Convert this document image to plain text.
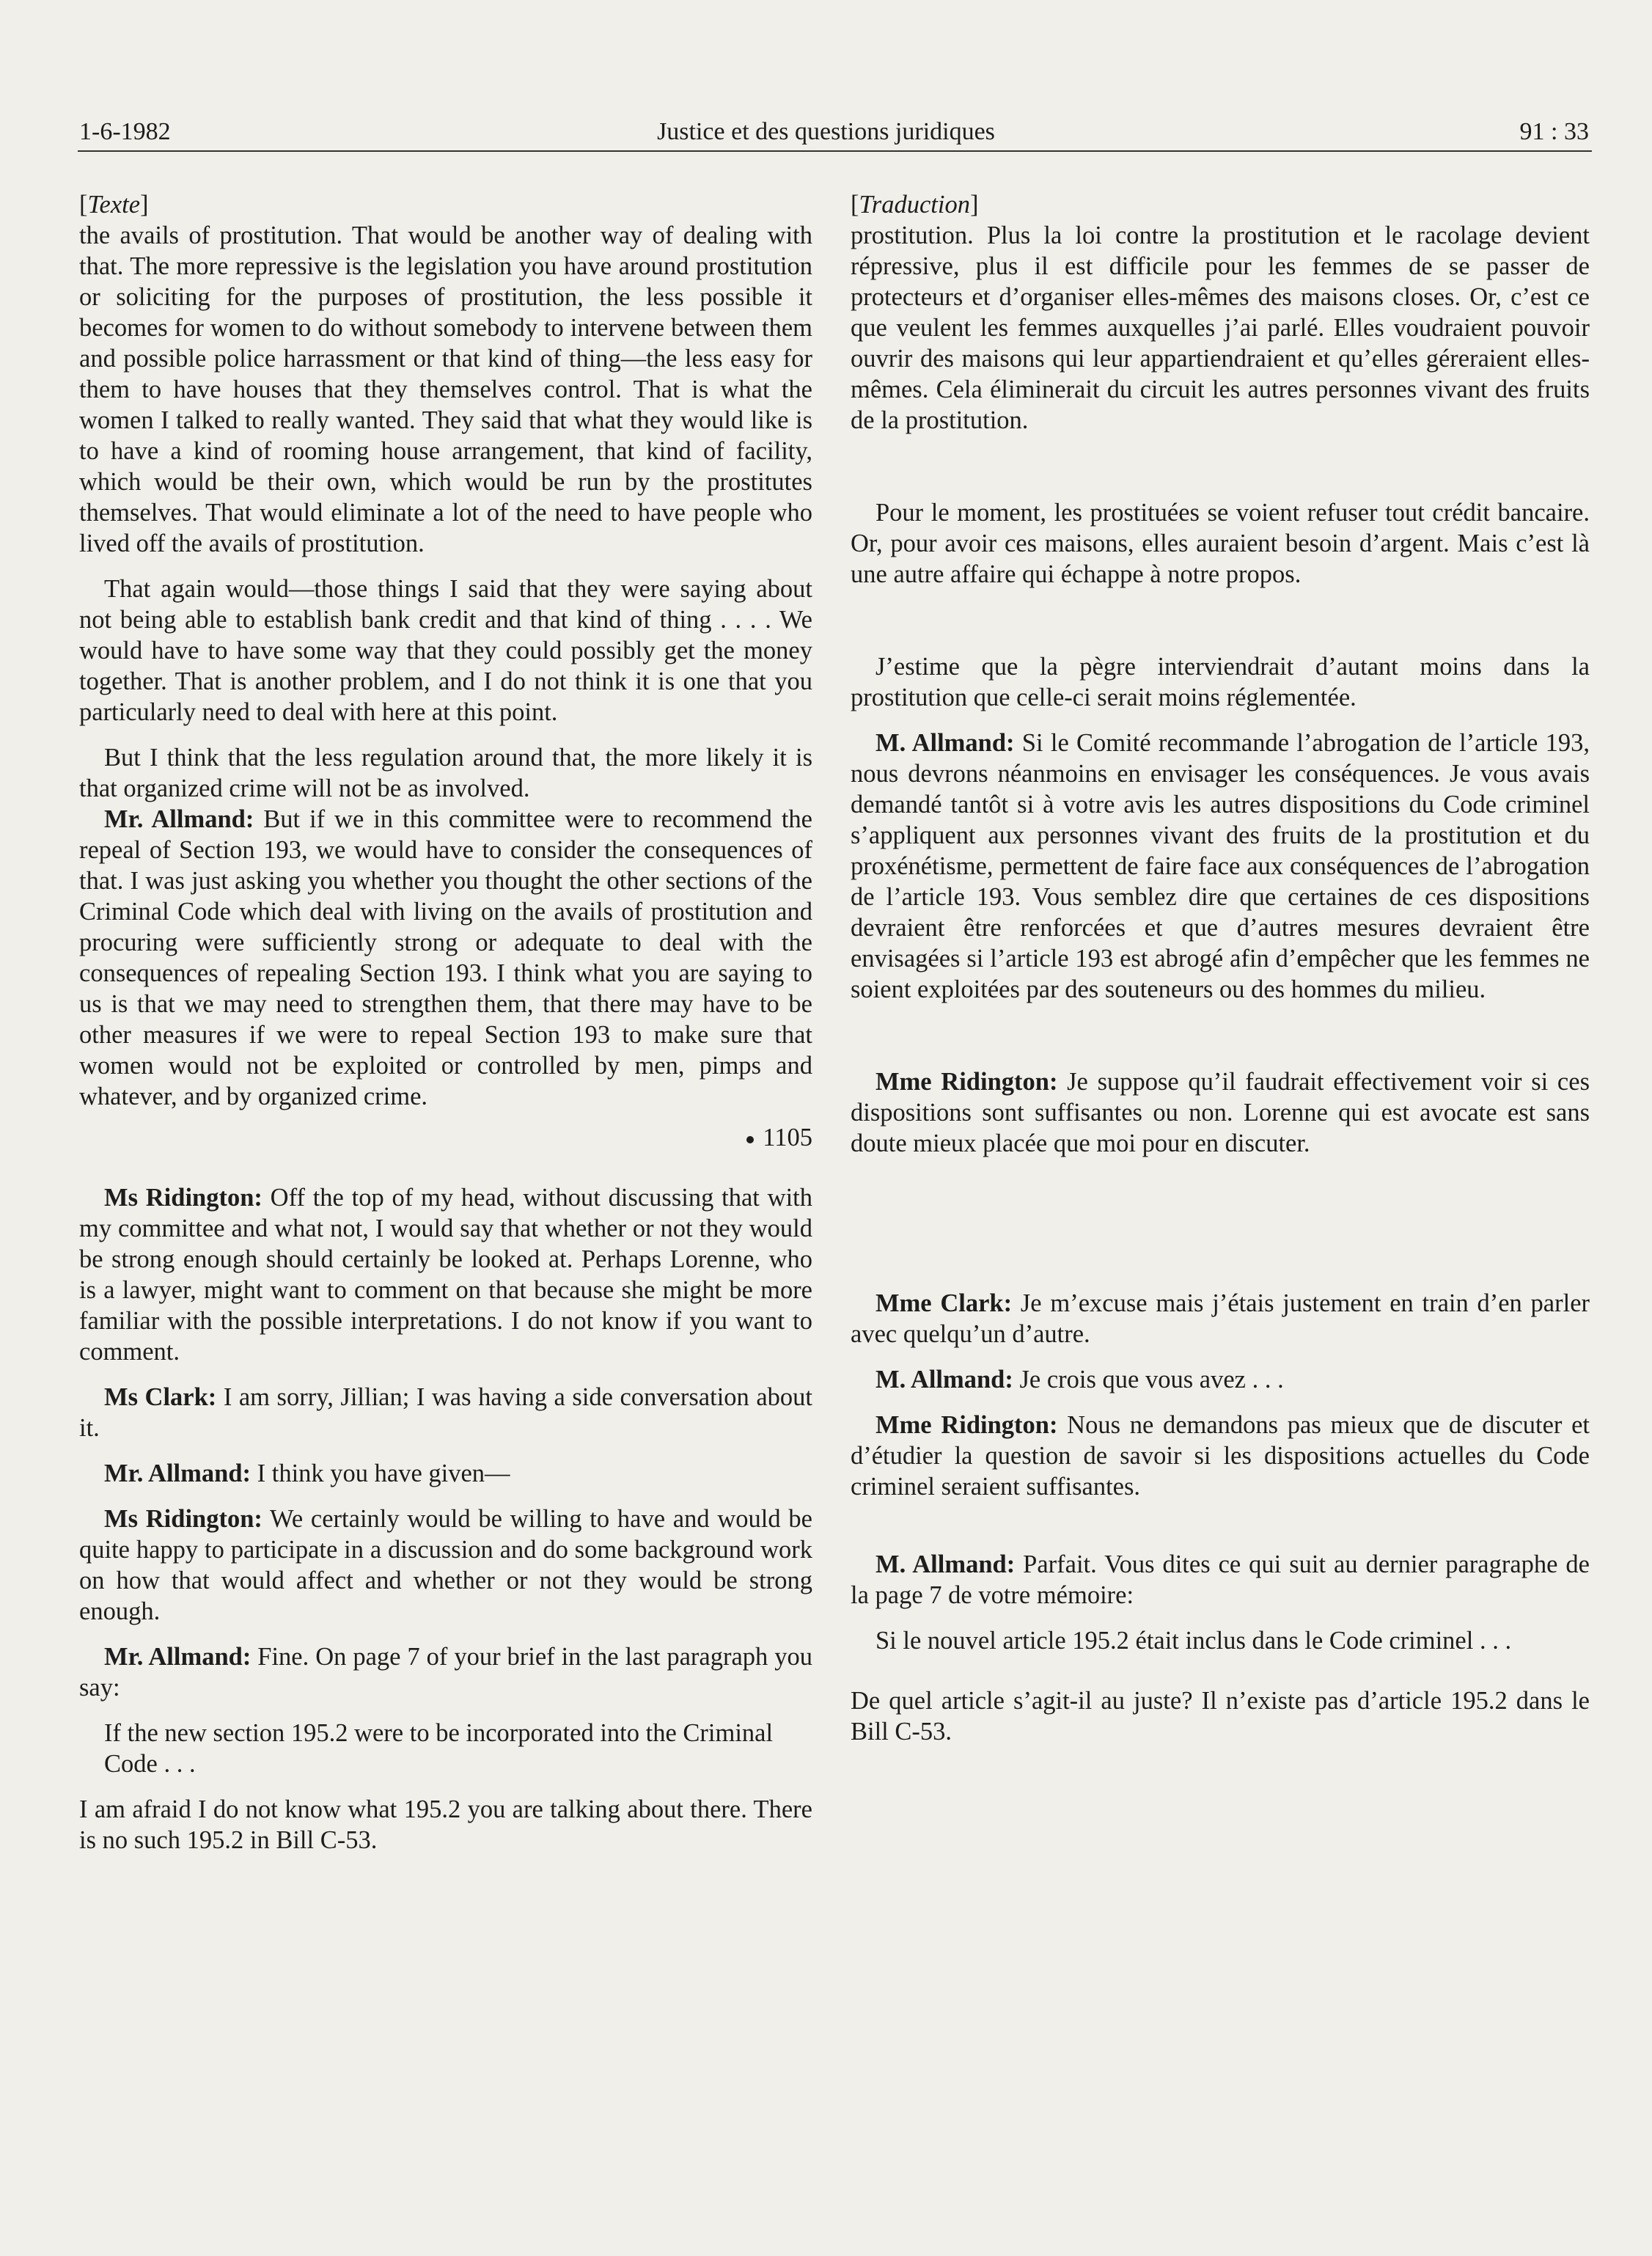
1-6-1982	Justice et des questions juridiques	91 : 33

[Texte]

the avails of prostitution. That would be another way of dealing with that. The more repressive is the legislation you have around prostitution or soliciting for the purposes of prostitution, the less possible it becomes for women to do without somebody to intervene between them and possible police harrassment or that kind of thing—the less easy for them to have houses that they themselves control. That is what the women I talked to really wanted. They said that what they would like is to have a kind of rooming house arrangement, that kind of facility, which would be their own, which would be run by the prostitutes themselves. That would eliminate a lot of the need to have people who lived off the avails of prostitution.

That again would—those things I said that they were saying about not being able to establish bank credit and that kind of thing . . . . We would have to have some way that they could possibly get the money together. That is another problem, and I do not think it is one that you particularly need to deal with here at this point.

But I think that the less regulation around that, the more likely it is that organized crime will not be as involved.

Mr. Allmand: But if we in this committee were to recommend the repeal of Section 193, we would have to consider the consequences of that. I was just asking you whether you thought the other sections of the Criminal Code which deal with living on the avails of prostitution and procuring were sufficiently strong or adequate to deal with the consequences of repealing Section 193. I think what you are saying to us is that we may need to strengthen them, that there may have to be other measures if we were to repeal Section 193 to make sure that women would not be exploited or controlled by men, pimps and whatever, and by organized crime.

1105

Ms Ridington: Off the top of my head, without discussing that with my committee and what not, I would say that whether or not they would be strong enough should certainly be looked at. Perhaps Lorenne, who is a lawyer, might want to comment on that because she might be more familiar with the possible interpretations. I do not know if you want to comment.

Ms Clark: I am sorry, Jillian; I was having a side conversation about it.

Mr. Allmand: I think you have given—

Ms Ridington: We certainly would be willing to have and would be quite happy to participate in a discussion and do some background work on how that would affect and whether or not they would be strong enough.

Mr. Allmand: Fine. On page 7 of your brief in the last paragraph you say:

If the new section 195.2 were to be incorporated into the Criminal Code . . .

I am afraid I do not know what 195.2 you are talking about there. There is no such 195.2 in Bill C-53.

[Traduction]

prostitution. Plus la loi contre la prostitution et le racolage devient répressive, plus il est difficile pour les femmes de se passer de protecteurs et d’organiser elles-mêmes des maisons closes. Or, c’est ce que veulent les femmes auxquelles j’ai parlé. Elles voudraient pouvoir ouvrir des maisons qui leur appartiendraient et qu’elles géreraient elles-mêmes. Cela éliminerait du circuit les autres personnes vivant des fruits de la prostitution.

Pour le moment, les prostituées se voient refuser tout crédit bancaire. Or, pour avoir ces maisons, elles auraient besoin d’argent. Mais c’est là une autre affaire qui échappe à notre propos.

J’estime que la pègre interviendrait d’autant moins dans la prostitution que celle-ci serait moins réglementée.

M. Allmand: Si le Comité recommande l’abrogation de l’article 193, nous devrons néanmoins en envisager les conséquences. Je vous avais demandé tantôt si à votre avis les autres dispositions du Code criminel s’appliquent aux personnes vivant des fruits de la prostitution et du proxénétisme, permettent de faire face aux conséquences de l’abrogation de l’article 193. Vous semblez dire que certaines de ces dispositions devraient être renforcées et que d’autres mesures devraient être envisagées si l’article 193 est abrogé afin d’empêcher que les femmes ne soient exploitées par des souteneurs ou des hommes du milieu.

Mme Ridington: Je suppose qu’il faudrait effectivement voir si ces dispositions sont suffisantes ou non. Lorenne qui est avocate est sans doute mieux placée que moi pour en discuter.

Mme Clark: Je m’excuse mais j’étais justement en train d’en parler avec quelqu’un d’autre.

M. Allmand: Je crois que vous avez . . .

Mme Ridington: Nous ne demandons pas mieux que de discuter et d’étudier la question de savoir si les dispositions actuelles du Code criminel seraient suffisantes.

M. Allmand: Parfait. Vous dites ce qui suit au dernier paragraphe de la page 7 de votre mémoire:

Si le nouvel article 195.2 était inclus dans le Code criminel . . .

De quel article s’agit-il au juste? Il n’existe pas d’article 195.2 dans le Bill C-53.
